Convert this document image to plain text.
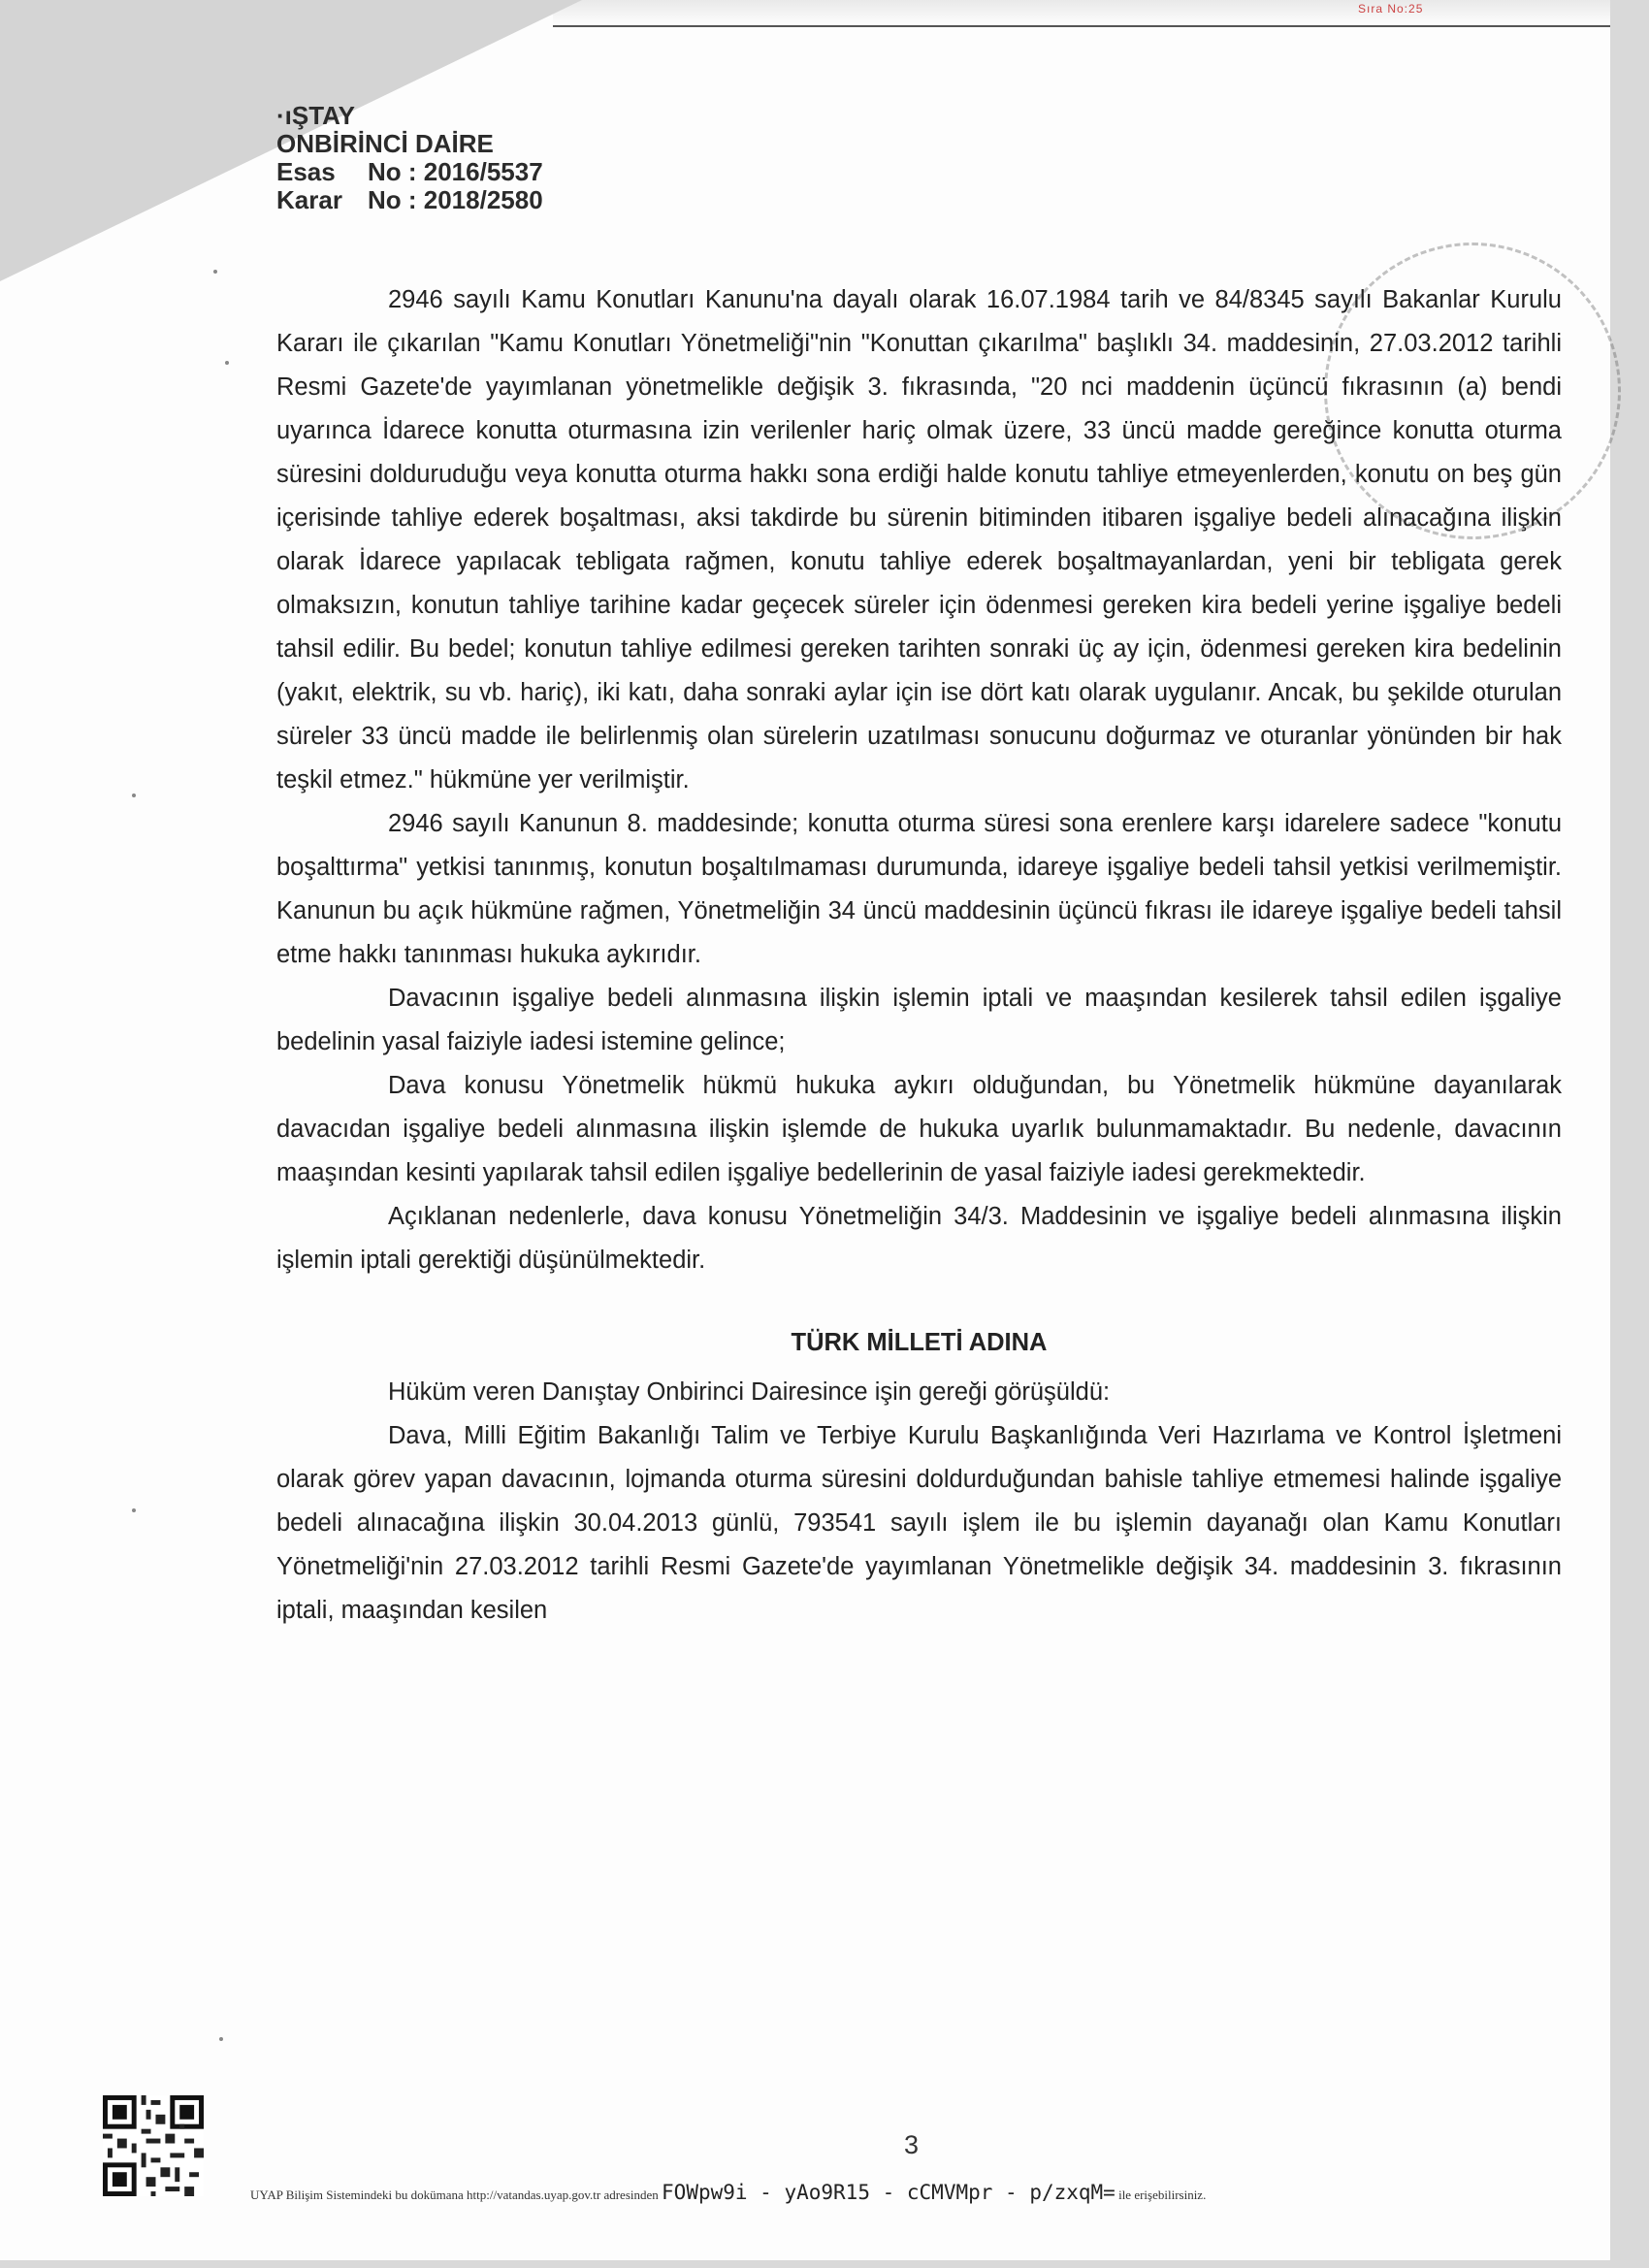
Sıra No:25
·ıŞTAY
ONBİRİNCİ DAİRE
Esas No : 2016/5537
Karar No : 2018/2580

2946 sayılı Kamu Konutları Kanunu'na dayalı olarak 16.07.1984 tarih ve 84/8345 sayılı Bakanlar Kurulu Kararı ile çıkarılan "Kamu Konutları Yönetmeliği"nin "Konuttan çıkarılma" başlıklı 34. maddesinin, 27.03.2012 tarihli Resmi Gazete'de yayımlanan yönetmelikle değişik 3. fıkrasında, "20 nci maddenin üçüncü fıkrasının (a) bendi uyarınca İdarece konutta oturmasına izin verilenler hariç olmak üzere, 33 üncü madde gereğince konutta oturma süresini dolduruduğu veya konutta oturma hakkı sona erdiği halde konutu tahliye etmeyenlerden, konutu on beş gün içerisinde tahliye ederek boşaltması, aksi takdirde bu sürenin bitiminden itibaren işgaliye bedeli alınacağına ilişkin olarak İdarece yapılacak tebligata rağmen, konutu tahliye ederek boşaltmayanlardan, yeni bir tebligata gerek olmaksızın, konutun tahliye tarihine kadar geçecek süreler için ödenmesi gereken kira bedeli yerine işgaliye bedeli tahsil edilir. Bu bedel; konutun tahliye edilmesi gereken tarihten sonraki üç ay için, ödenmesi gereken kira bedelinin (yakıt, elektrik, su vb. hariç), iki katı, daha sonraki aylar için ise dört katı olarak uygulanır. Ancak, bu şekilde oturulan süreler 33 üncü madde ile belirlenmiş olan sürelerin uzatılması sonucunu doğurmaz ve oturanlar yönünden bir hak teşkil etmez." hükmüne yer verilmiştir.

2946 sayılı Kanunun 8. maddesinde; konutta oturma süresi sona erenlere karşı idarelere sadece "konutu boşalttırma" yetkisi tanınmış, konutun boşaltılmaması durumunda, idareye işgaliye bedeli tahsil yetkisi verilmemiştir. Kanunun bu açık hükmüne rağmen, Yönetmeliğin 34 üncü maddesinin üçüncü fıkrası ile idareye işgaliye bedeli tahsil etme hakkı tanınması hukuka aykırıdır.

Davacının işgaliye bedeli alınmasına ilişkin işlemin iptali ve maaşından kesilerek tahsil edilen işgaliye bedelinin yasal faiziyle iadesi istemine gelince;

Dava konusu Yönetmelik hükmü hukuka aykırı olduğundan, bu Yönetmelik hükmüne dayanılarak davacıdan işgaliye bedeli alınmasına ilişkin işlemde de hukuka uyarlık bulunmamaktadır. Bu nedenle, davacının maaşından kesinti yapılarak tahsil edilen işgaliye bedellerinin de yasal faiziyle iadesi gerekmektedir.

Açıklanan nedenlerle, dava konusu Yönetmeliğin 34/3. Maddesinin ve işgaliye bedeli alınmasına ilişkin işlemin iptali gerektiği düşünülmektedir.

TÜRK MİLLETİ ADINA

Hüküm veren Danıştay Onbirinci Dairesince işin gereği görüşüldü:

Dava, Milli Eğitim Bakanlığı Talim ve Terbiye Kurulu Başkanlığında Veri Hazırlama ve Kontrol İşletmeni olarak görev yapan davacının, lojmanda oturma süresini doldurduğundan bahisle tahliye etmemesi halinde işgaliye bedeli alınacağına ilişkin 30.04.2013 günlü, 793541 sayılı işlem ile bu işlemin dayanağı olan Kamu Konutları Yönetmeliği'nin 27.03.2012 tarihli Resmi Gazete'de yayımlanan Yönetmelikle değişik 34. maddesinin 3. fıkrasının iptali, maaşından kesilen

3
UYAP Bilişim Sistemindeki bu dokümana http://vatandas.uyap.gov.tr adresinden FOWpw9i - yAo9R15 - cCMVMpr - p/zxqM= ile erişebilirsiniz.
